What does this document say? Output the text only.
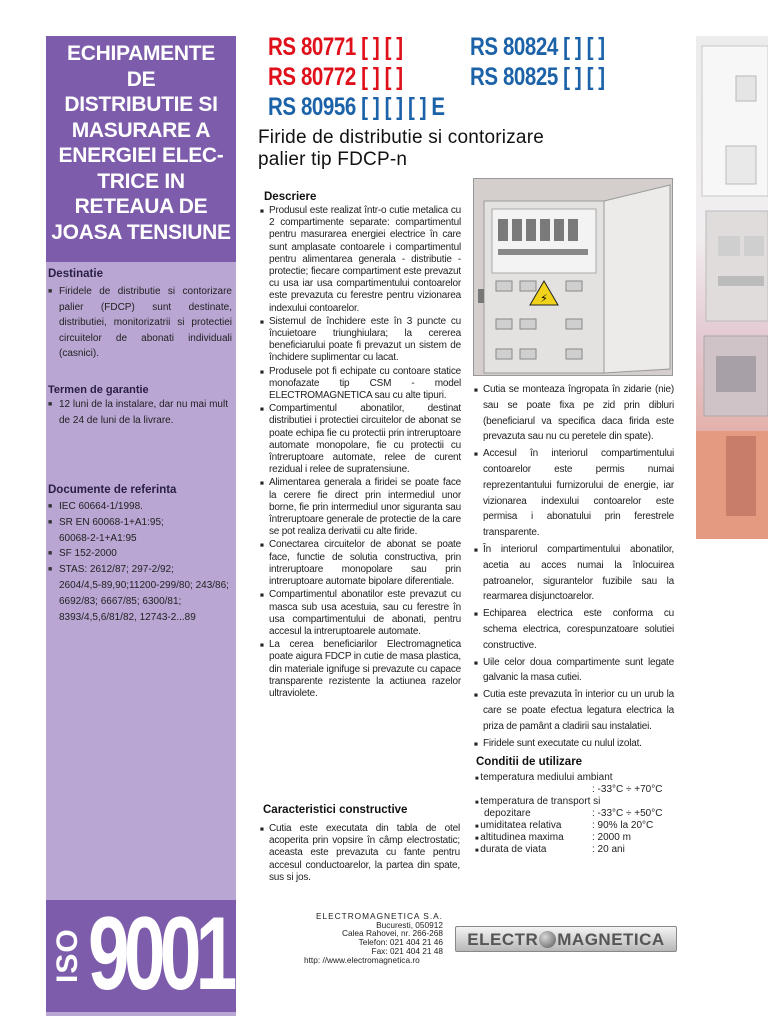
ECHIPAMENTE DE
DISTRIBUTIE SI
MASURARE A
ENERGIEI ELEC-
TRICE IN
RETEAUA DE
JOASA TENSIUNE
Destinatie
■ Firidele de distributie si contorizare palier (FDCP) sunt destinate, distributiei, monitorizatrii si protectiei circuitelor de abonati individuali (casnici).
Termen de garantie
■ 12 luni de la instalare, dar nu mai mult de 24 de luni de la livrare.
Documente de referinta
■ IEC 60664-1/1998.
■ SR EN 60068-1+A1:95;
60068-2-1+A1:95
■ SF 152-2000
■ STAS: 2612/87; 297-2/92;
2604/4,5-89,90;11200-299/80; 243/86;
6692/83; 6667/85; 6300/81;
8393/4,5,6/81/82, 12743-2...89
ISO 9001
RS 80771 [ ] [ ]	RS 80824 [ ] [ ]
RS 80772 [ ] [ ]	RS 80825 [ ] [ ]
RS 80956 [ ] [ ] [ ] E
Firide de distributie si contorizare
palier tip FDCP-n
⚡
Descriere
■ Produsul este realizat într-o cutie metalica cu 2 compartimente separate: compartimentul pentru masurarea energiei electrice în care sunt amplasate contoarele i compartimentul pentru alimentarea generala - distributie - protectie; fiecare compartiment este prevazut cu usa iar usa compartimentului contoarelor este prevazuta cu ferestre pentru vizionarea indexului contoarelor.
■ Sistemul de închidere este în 3 puncte cu încuietoare triunghiulara; la cererea beneficiarului poate fi prevazut un sistem de închidere suplimentar cu lacat.
■ Produsele pot fi echipate cu contoare statice monofazate tip CSM - model ELECTROMAGNETICA sau cu alte tipuri.
■ Compartimentul abonatilor, destinat distributiei i protectiei circuitelor de abonat se poate echipa fie cu protectii prin intreruptoare automate monopolare, fie cu protectii cu întreruptoare automate, relee de curent rezidual i relee de supratensiune.
■ Alimentarea generala a firidei se poate face la cerere fie direct prin intermediul unor borne, fie prin intermediul unor siguranta sau întreruptoare generale de protectie de la care se pot realiza derivatii cu alte firide.
■ Conectarea circuitelor de abonat se poate face, functie de solutia constructiva, prin intreruptoare monopolare sau prin intreruptoare automate bipolare diferentiale.
■ Compartimentul abonatilor este prevazut cu masca sub usa acestuia, sau cu ferestre în usa compartimentului de abonati, pentru accesul la intreruptoarele automate.
■ La cerea beneficiarilor Electromagnetica poate aigura FDCP in cutie de masa plastica, din materiale ignifuge si prevazute cu capace transparente rezistente la actiunea razelor ultraviolete.
Caracteristici constructive
■ Cutia este executata din tabla de otel acoperita prin vopsire în câmp electrostatic; aceasta este prevazuta cu fante pentru accesul conductoarelor, la partea din spate, sus si jos.
■ Cutia se monteaza îngropata în zidarie (nie) sau se poate fixa pe zid prin dibluri (beneficiarul va specifica daca firida este prevazuta sau nu cu peretele din spate).
■ Accesul în interiorul compartimentului contoarelor este permis numai reprezentantului furnizorului de energie, iar vizionarea indexului contoarelor este permisa i abonatului prin ferestrele transparente.
■ În interiorul compartimentului abonatilor, acetia au acces numai la înlocuirea patroanelor, sigurantelor fuzibile sau la rearmarea disjunctoarelor.
■ Echiparea electrica este conforma cu schema electrica, corespunzatoare solutiei constructive.
■ Uile celor doua compartimente sunt legate galvanic la masa cutiei.
■ Cutia este prevazuta în interior cu un urub la care se poate efectua legatura electrica la priza de pamânt a cladirii sau instalatiei.
■ Firidele sunt executate cu nulul izolat.
Conditii de utilizare
■ temperatura mediului ambiant
: -33°C ÷ +70°C
■ temperatura de transport si
depozitare	: -33°C ÷ +50°C
■ umiditatea relativa	: 90% la 20°C
■ altitudinea maxima	: 2000 m
■ durata de viata	: 20 ani
ELECTROMAGNETICA S.A.
Bucuresti, 050912
Calea Rahovei, nr. 266-268
Telefon: 021 404 21 46
Fax: 021 404 21 48
http: //www.electromagnetica.ro
ELECTR MAGNETICA
